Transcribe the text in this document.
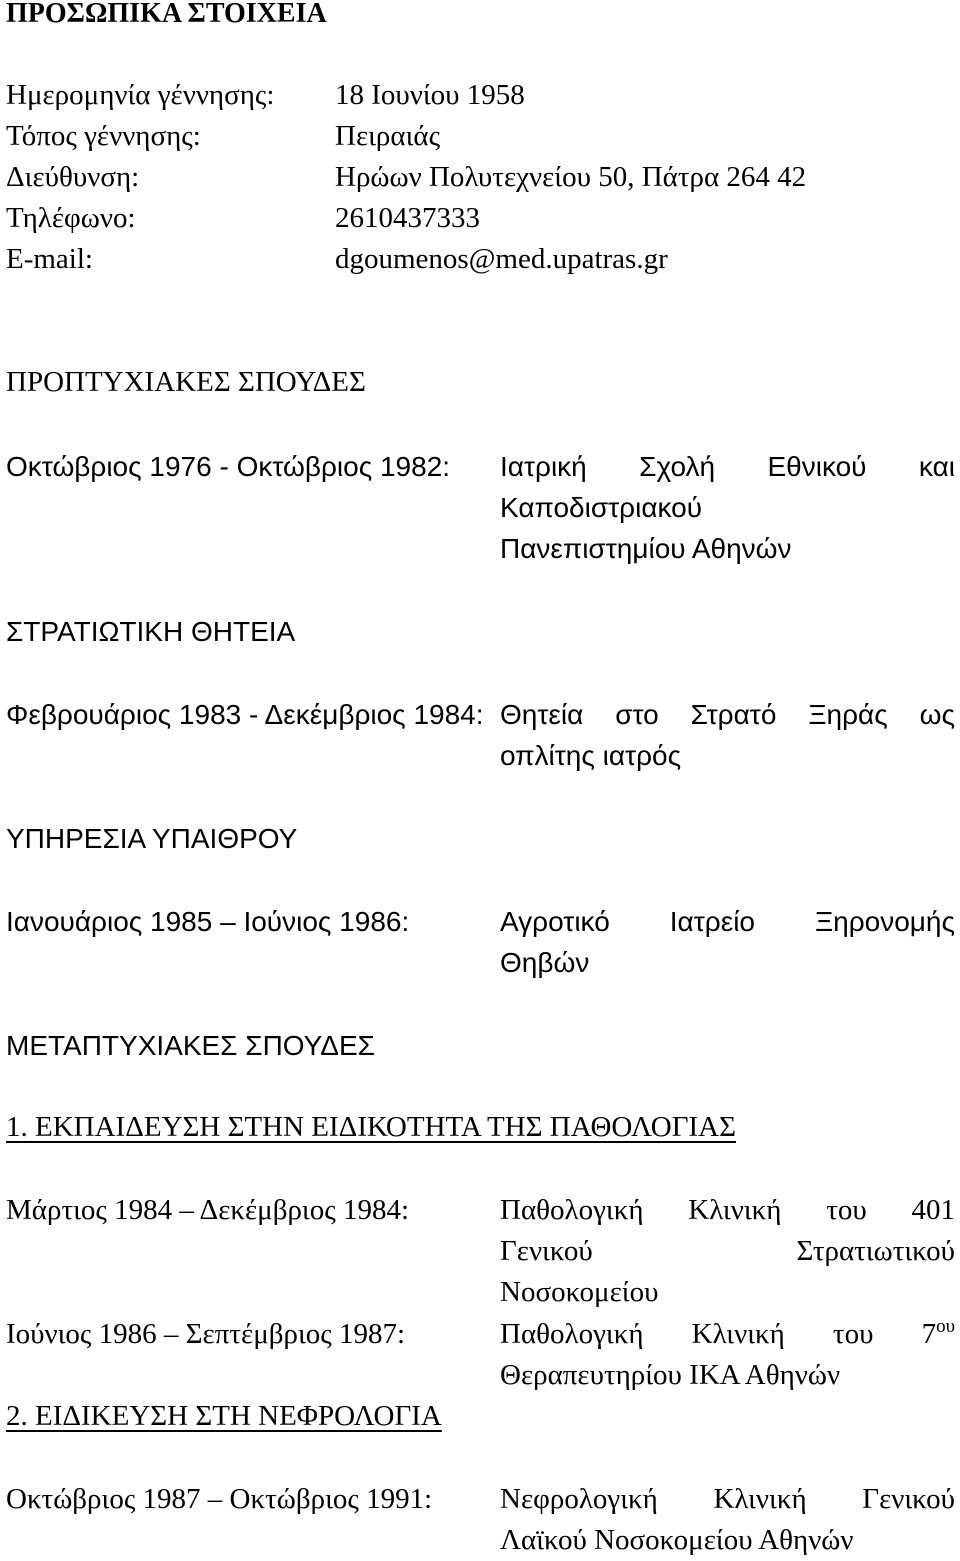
ΠΡΟΣΩΠΙΚΑ ΣΤΟΙΧΕΙΑ
Ημερομηνία γέννησης: 18 Ιουνίου 1958
Τόπος γέννησης:	Πειραιάς
Διεύθυνση:	Ηρώων Πολυτεχνείου 50, Πάτρα 264 42
Τηλέφωνο:	2610437333
E-mail:	dgoumenos@med.upatras.gr
ΠΡΟΠΤΥΧΙΑΚΕΣ ΣΠΟΥΔΕΣ
Οκτώβριος 1976 - Οκτώβριος 1982: Ιατρική Σχολή Εθνικού και
Καποδιστριακού
Πανεπιστημίου Αθηνών
ΣΤΡΑΤΙΩΤΙΚΗ ΘΗΤΕΙΑ
Φεβρουάριος 1983 - Δεκέμβριος 1984: Θητεία στο Στρατό Ξηράς ως
οπλίτης ιατρός
ΥΠΗΡΕΣΙΑ ΥΠΑΙΘΡΟΥ
Ιανουάριος 1985 – Ιούνιος 1986:	Αγροτικό Ιατρείο Ξηρονομής
Θηβών
ΜΕΤΑΠΤΥΧΙΑΚΕΣ ΣΠΟΥΔΕΣ
1. ΕΚΠΑΙΔΕΥΣΗ ΣΤΗΝ ΕΙΔΙΚΟΤΗΤΑ ΤΗΣ ΠΑΘΟΛΟΓΙΑΣ
Μάρτιος 1984 – Δεκέμβριος 1984:	Παθολογική Κλινική του 401
Γενικού Στρατιωτικού
Νοσοκομείου
Ιούνιος 1986 – Σεπτέμβριος 1987:	Παθολογική Κλινική του $7^{o\upsilon}$
Θεραπευτηρίου ΙΚΑ Αθηνών
2. ΕΙΔΙΚΕΥΣΗ ΣΤΗ ΝΕΦΡΟΛΟΓΙΑ
Οκτώβριος 1987 – Οκτώβριος 1991: Νεφρολογική Κλινική Γενικού
Λαϊκού Νοσοκομείου Αθηνών
